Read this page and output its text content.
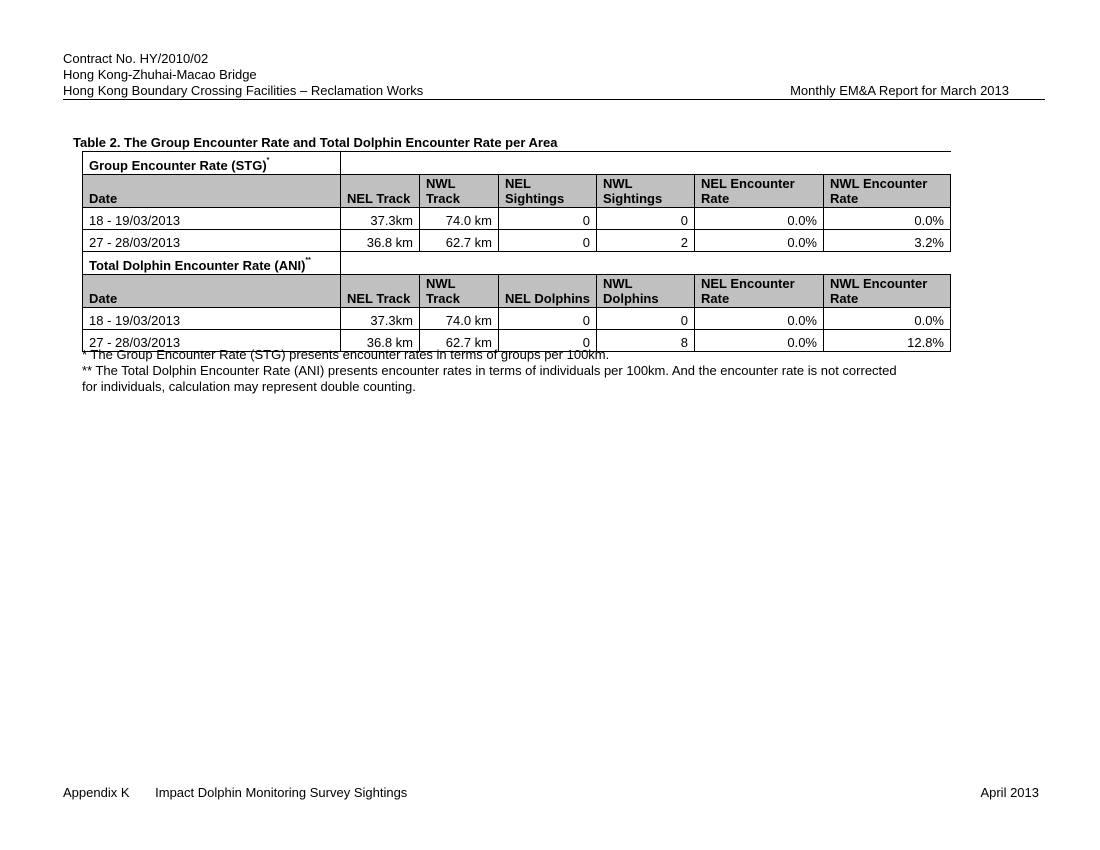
Contract No. HY/2010/02
Hong Kong-Zhuhai-Macao Bridge
Hong Kong Boundary Crossing Facilities – Reclamation Works	Monthly EM&A Report for March 2013
Table 2. The Group Encounter Rate and Total Dolphin Encounter Rate per Area
Group Encounter Rate (STG)*	
Date	NEL Track	NWL Track	NEL Sightings	NWL Sightings	NEL Encounter Rate	NWL Encounter Rate
18 - 19/03/2013	37.3km	74.0 km	0	0	0.0%	0.0%
27 - 28/03/2013	36.8 km	62.7 km	0	2	0.0%	3.2%
Total Dolphin Encounter Rate (ANI)**	
Date	NEL Track	NWL Track	NEL Dolphins	NWL Dolphins	NEL Encounter Rate	NWL Encounter Rate
18 - 19/03/2013	37.3km	74.0 km	0	0	0.0%	0.0%
27 - 28/03/2013	36.8 km	62.7 km	0	8	0.0%	12.8%
* The Group Encounter Rate (STG) presents encounter rates in terms of groups per 100km.
** The Total Dolphin Encounter Rate (ANI) presents encounter rates in terms of individuals per 100km. And the encounter rate is not corrected for individuals, calculation may represent double counting.
Appendix K Impact Dolphin Monitoring Survey Sightings	April 2013
